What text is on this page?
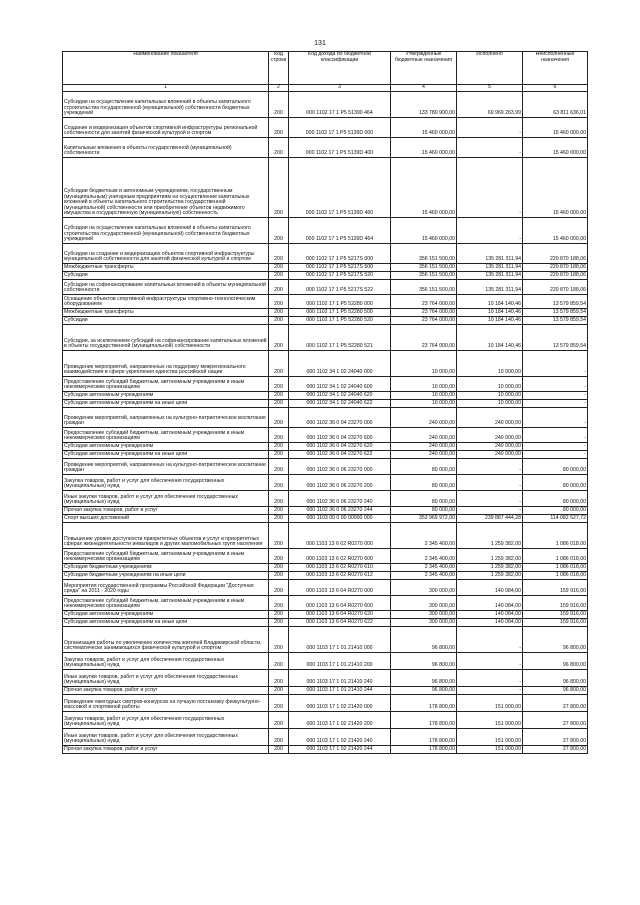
131
Наименование показателя	Код строки	Код дохода по бюджетной классификации	Утвержденные бюджетные назначения	Исполнено	Неисполненные назначения
1	2	3	4	5	6
Субсидии на осуществление капитальных вложений в объекты капитального строительства государственной (муниципальной) собственности бюджетных учреждений	200	000 1102 17 1 P5 51390 464	133 780 900,00	69 969 263,99	63 811 636,01
Создание и модернизация объектов спортивной инфраструктуры региональной собственности для занятий физической культурой и спортом	200	000 1102 17 1 P5 5139D 000	15 460 000,00	-	15 460 000,00
Капитальные вложения в объекты государственной (муниципальной) собственности	200	000 1102 17 1 P5 5139D 400	15 460 000,00	-	15 460 000,00
Субсидии бюджетным и автономным учреждениям, государственным (муниципальным) унитарным предприятиям на осуществление капитальных вложений в объекты капитального строительства государственной (муниципальной) собственности или приобретение объектов недвижимого имущества в государственную (муниципальную) собственность	200	000 1102 17 1 P5 5139D 460	15 460 000,00	-	15 460 000,00
Субсидии на осуществление капитальных вложений в объекты капитального строительства государственной (муниципальной) собственности бюджетных учреждений	200	000 1102 17 1 P5 5139D 464	15 460 000,00	-	15 460 000,00
Субсидии на создание и модернизацию объектов спортивной инфраструктуры муниципальной собственности для занятий физической культурой и спортом	200	000 1102 17 1 P5 5217S 000	356 151 500,00	135 281 311,94	220 870 188,06
Межбюджетные трансферты	200	000 1102 17 1 P5 5217S 500	356 151 500,00	135 281 311,94	220 870 188,06
Субсидии	200	000 1102 17 1 P5 5217S 520	356 151 500,00	135 281 311,94	220 870 188,06
Субсидии на софинансирование капитальных вложений в объекты муниципальной собственности	200	000 1102 17 1 P5 5217S 522	356 151 500,00	135 281 311,94	220 870 188,06
Оснащение объектов спортивной инфраструктуры спортивно-технологическим оборудованием	200	000 1102 17 1 P5 52280 000	23 764 000,00	10 184 140,46	13 579 859,54
Межбюджетные трансферты	200	000 1102 17 1 P5 52280 500	23 764 000,00	10 184 140,46	13 579 859,54
Субсидии	200	000 1102 17 1 P5 52280 520	23 764 000,00	10 184 140,46	13 579 859,54
Субсидии, за исключением субсидий на софинансирование капитальных вложений в объекты государственной (муниципальной) собственности	200	000 1102 17 1 P5 52280 521	23 764 000,00	10 184 140,46	13 579 859,54
Проведение мероприятий, направленных на поддержку межрегионального взаимодействия в сфере укрепления единства российской нации	200	000 1102 34 1 02 24040 000	10 000,00	10 000,00	-
Предоставление субсидий бюджетным, автономным учреждениям и иным некоммерческим организациям	200	000 1102 34 1 02 24040 600	10 000,00	10 000,00	-
Субсидии автономным учреждениям	200	000 1102 34 1 02 24040 620	10 000,00	10 000,00	-
Субсидии автономным учреждениям на иные цели	200	000 1102 34 1 02 24040 622	10 000,00	10 000,00	-
Проведение мероприятий, направленных на культурно-патриотическое воспитание граждан	200	000 1102 36 0 04 23270 000	240 000,00	240 000,00	-
Предоставление субсидий бюджетным, автономным учреждениям и иным некоммерческим организациям	200	000 1102 36 0 04 23270 600	240 000,00	240 000,00	-
Субсидии автономным учреждениям	200	000 1102 36 0 04 23270 620	240 000,00	240 000,00	-
Субсидии автономным учреждениям на иные цели	200	000 1102 36 0 04 23270 622	240 000,00	240 000,00	-
Проведение мероприятий, направленных на культурно-патриотическое воспитание граждан	200	000 1102 36 0 06 23270 000	80 000,00	-	80 000,00
Закупка товаров, работ и услуг для обеспечения государственных (муниципальных) нужд	200	000 1102 36 0 06 23270 200	80 000,00	-	80 000,00
Иные закупки товаров, работ и услуг для обеспечения государственных (муниципальных) нужд	200	000 1102 36 0 06 23270 240	80 000,00	-	80 000,00
Прочая закупка товаров, работ и услуг	200	000 1102 36 0 06 23270 244	80 000,00	-	80 000,00
Спорт высших достижений	200	000 1103 00 0 00 00000 000	353 969 972,00	239 887 444,28	114 082 527,72
Повышение уровня доступности приоритетных объектов и услуг в приоритетных сферах жизнедеятельности инвалидов и других маломобильных групп населения	200	000 1103 13 6 02 R0270 000	2 345 400,00	1 259 382,00	1 086 018,00
Предоставление субсидий бюджетным, автономным учреждениям и иным некоммерческим организациям	200	000 1103 13 6 02 R0270 600	2 345 400,00	1 259 382,00	1 086 018,00
Субсидии бюджетным учреждениям	200	000 1103 13 6 02 R0270 610	2 345 400,00	1 259 382,00	1 086 018,00
Субсидии бюджетным учреждениям на иные цели	200	000 1103 13 6 02 R0270 612	2 345 400,00	1 259 382,00	1 086 018,00
Мероприятия государственной программы Российской Федерации "Доступная среда" на 2011 - 2020 годы	200	000 1103 13 6 04 R0270 000	300 000,00	140 084,00	159 916,00
Предоставление субсидий бюджетным, автономным учреждениям и иным некоммерческим организациям	200	000 1103 13 6 04 R0270 600	300 000,00	140 084,00	159 916,00
Субсидии автономным учреждениям	200	000 1103 13 6 04 R0270 620	300 000,00	140 084,00	159 916,00
Субсидии автономным учреждениям на иные цели	200	000 1103 13 6 04 R0270 622	300 000,00	140 084,00	159 916,00
Организация работы по увеличению количества жителей Владимирской области, систематически занимающихся физической культурой и спортом	200	000 1103 17 1 01 21410 000	96 800,00	-	96 800,00
Закупка товаров, работ и услуг для обеспечения государственных (муниципальных) нужд	200	000 1103 17 1 01 21410 200	96 800,00	-	96 800,00
Иные закупки товаров, работ и услуг для обеспечения государственных (муниципальных) нужд	200	000 1103 17 1 01 21410 240	96 800,00	-	96 800,00
Прочая закупка товаров, работ и услуг	200	000 1103 17 1 01 21410 244	96 800,00	-	96 800,00
Проведение ежегодных смотров-конкурсов на лучшую постановку физкультурно-массовой и спортивной работы	200	000 1103 17 1 02 21420 000	178 800,00	151 000,00	27 800,00
Закупка товаров, работ и услуг для обеспечения государственных (муниципальных) нужд	200	000 1103 17 1 02 21420 200	178 800,00	151 000,00	27 800,00
Иные закупки товаров, работ и услуг для обеспечения государственных (муниципальных) нужд	200	000 1103 17 1 02 21420 240	178 800,00	151 000,00	27 800,00
Прочая закупка товаров, работ и услуг	200	000 1103 17 1 02 21420 244	178 800,00	151 000,00	27 800,00
